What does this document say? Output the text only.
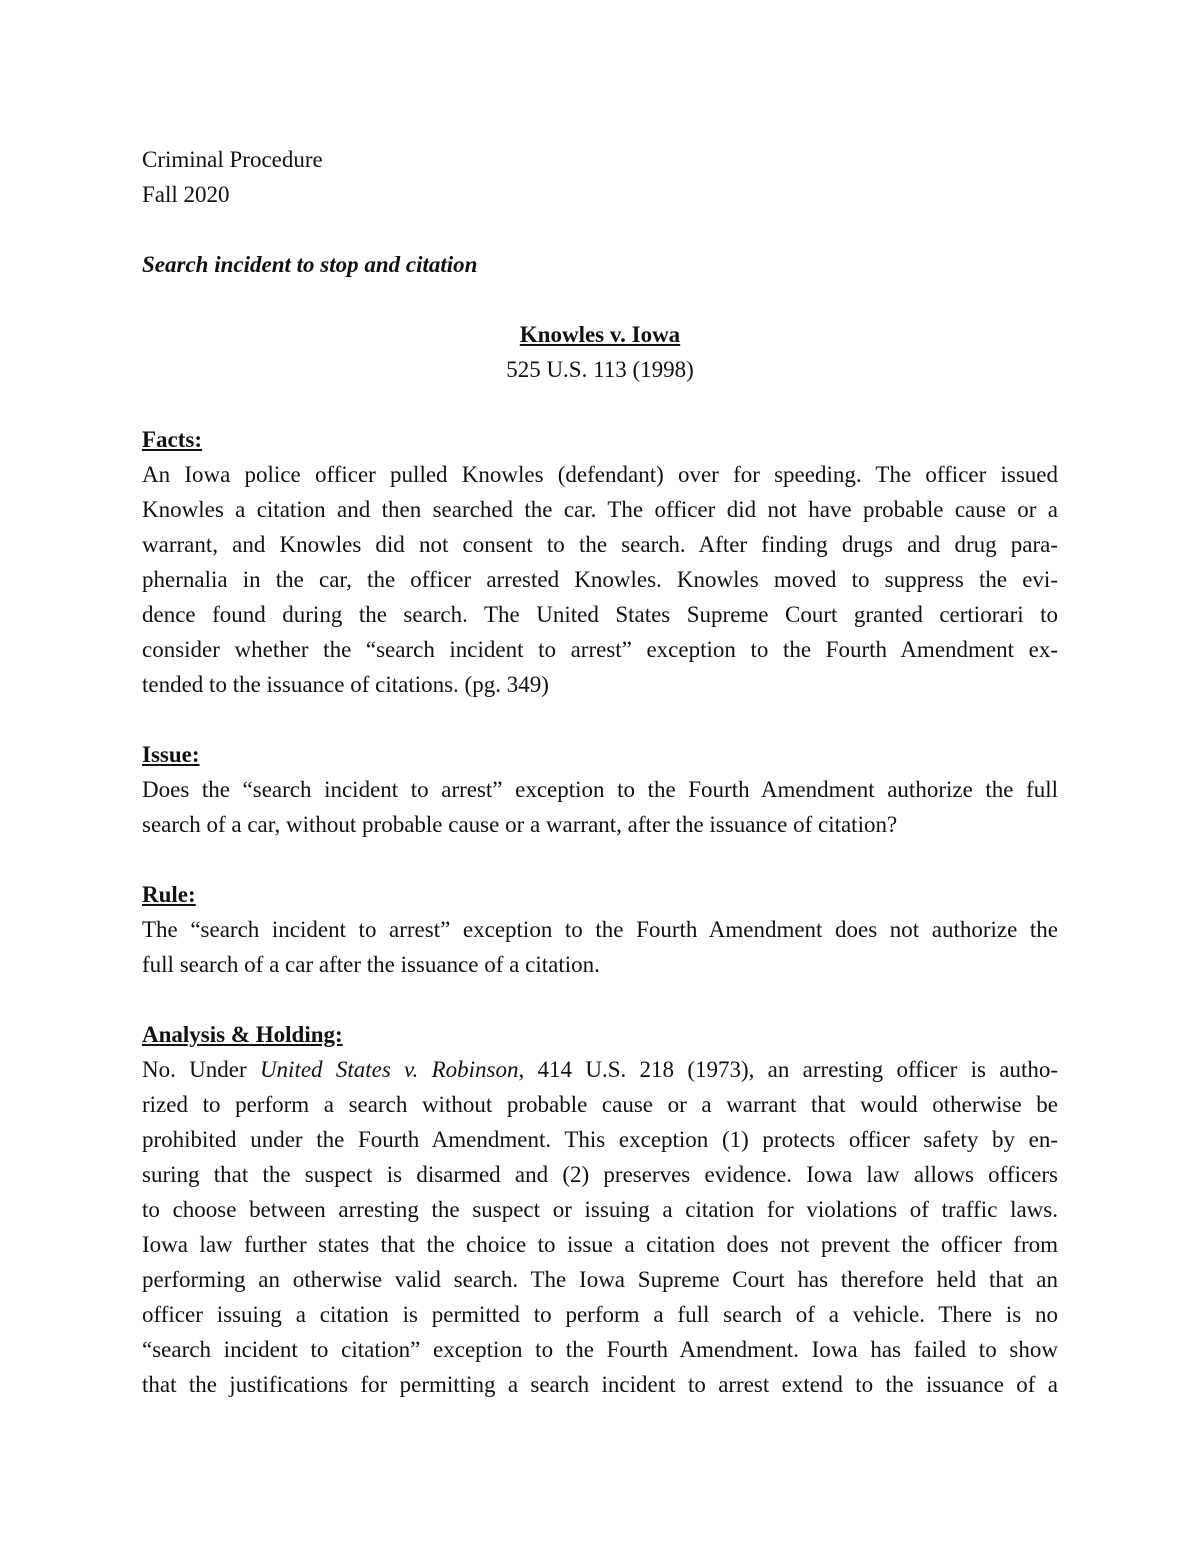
Criminal Procedure
Fall 2020
Search incident to stop and citation
Knowles v. Iowa
525 U.S. 113 (1998)
Facts:
An Iowa police officer pulled Knowles (defendant) over for speeding. The officer issued
Knowles a citation and then searched the car. The officer did not have probable cause or a
warrant, and Knowles did not consent to the search. After finding drugs and drug para-
phernalia in the car, the officer arrested Knowles. Knowles moved to suppress the evi-
dence found during the search. The United States Supreme Court granted certiorari to
consider whether the “search incident to arrest” exception to the Fourth Amendment ex-
tended to the issuance of citations. (pg. 349)
Issue:
Does the “search incident to arrest” exception to the Fourth Amendment authorize the full
search of a car, without probable cause or a warrant, after the issuance of citation?
Rule:
The “search incident to arrest” exception to the Fourth Amendment does not authorize the
full search of a car after the issuance of a citation.
Analysis & Holding:
No. Under United States v. Robinson, 414 U.S. 218 (1973), an arresting officer is autho-
rized to perform a search without probable cause or a warrant that would otherwise be
prohibited under the Fourth Amendment. This exception (1) protects officer safety by en-
suring that the suspect is disarmed and (2) preserves evidence. Iowa law allows officers
to choose between arresting the suspect or issuing a citation for violations of traffic laws.
Iowa law further states that the choice to issue a citation does not prevent the officer from
performing an otherwise valid search. The Iowa Supreme Court has therefore held that an
officer issuing a citation is permitted to perform a full search of a vehicle. There is no
“search incident to citation” exception to the Fourth Amendment. Iowa has failed to show
that the justifications for permitting a search incident to arrest extend to the issuance of a
